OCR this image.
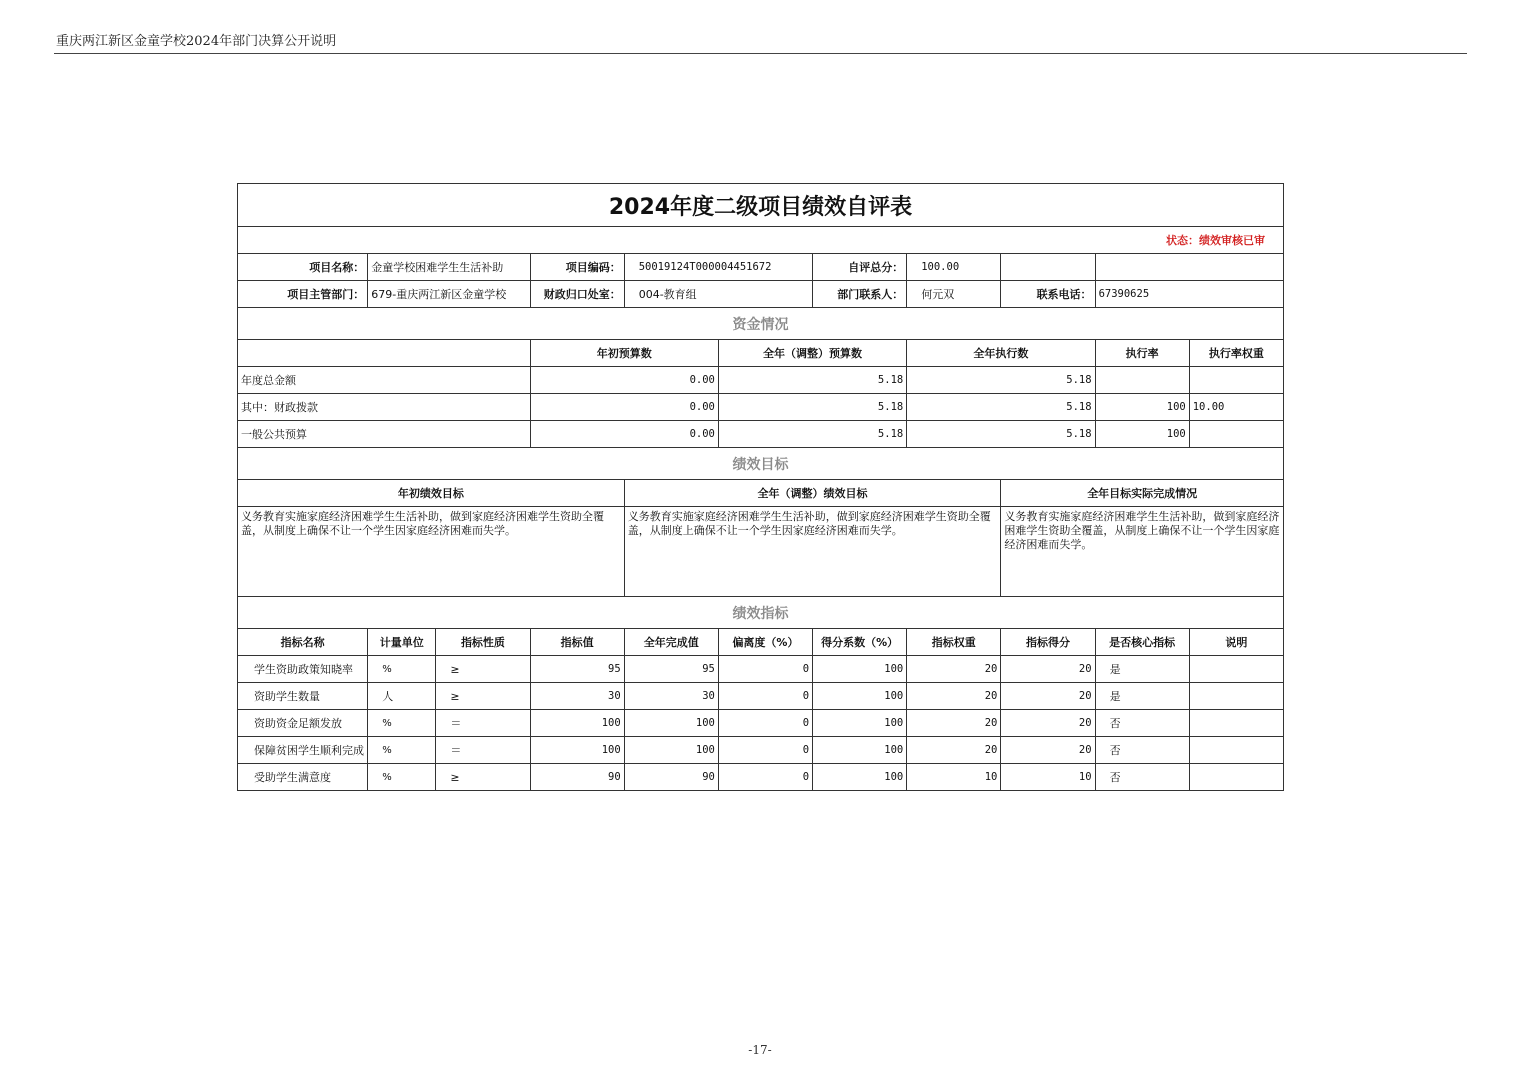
重庆两江新区金童学校2024年部门决算公开说明
2024年度二级项目绩效自评表										
状态：绩效审核已审										
项目名称：	金童学校困难学生生活补助		项目编码：	50019124T000004451672		自评总分：	100.00			
项目主管部门：	679-重庆两江新区金童学校		财政归口处室：	004-教育组		部门联系人：	何元双	联系电话：	67390625	
资金情况										
			年初预算数		全年（调整）预算数		全年执行数		执行率	执行率权重
年度总金额			0.00		5.18		5.18			
其中：财政拨款			0.00		5.18		5.18		100	10.00
一般公共预算			0.00		5.18		5.18		100	
绩效目标										
年初绩效目标				全年（调整）绩效目标				全年目标实际完成情况		
义务教育实施家庭经济困难学生生活补助，做到家庭经济困难学生资助全覆盖，从制度上确保不让一个学生因家庭经济困难而失学。				义务教育实施家庭经济困难学生生活补助，做到家庭经济困难学生资助全覆盖，从制度上确保不让一个学生因家庭经济困难而失学。				义务教育实施家庭经济困难学生生活补助，做到家庭经济困难学生资助全覆盖，从制度上确保不让一个学生因家庭经济困难而失学。		
绩效指标										
指标名称	计量单位	指标性质	指标值	全年完成值	偏离度（%）	得分系数（%）	指标权重	指标得分	是否核心指标	说明
学生资助政策知晓率	%	≥	95	95	0	100	20	20	是	
资助学生数量	人	≥	30	30	0	100	20	20	是	
资助资金足额发放	%	＝	100	100	0	100	20	20	否	
保障贫困学生顺利完成	%	＝	100	100	0	100	20	20	否	
受助学生满意度	%	≥	90	90	0	100	10	10	否	
-17-
